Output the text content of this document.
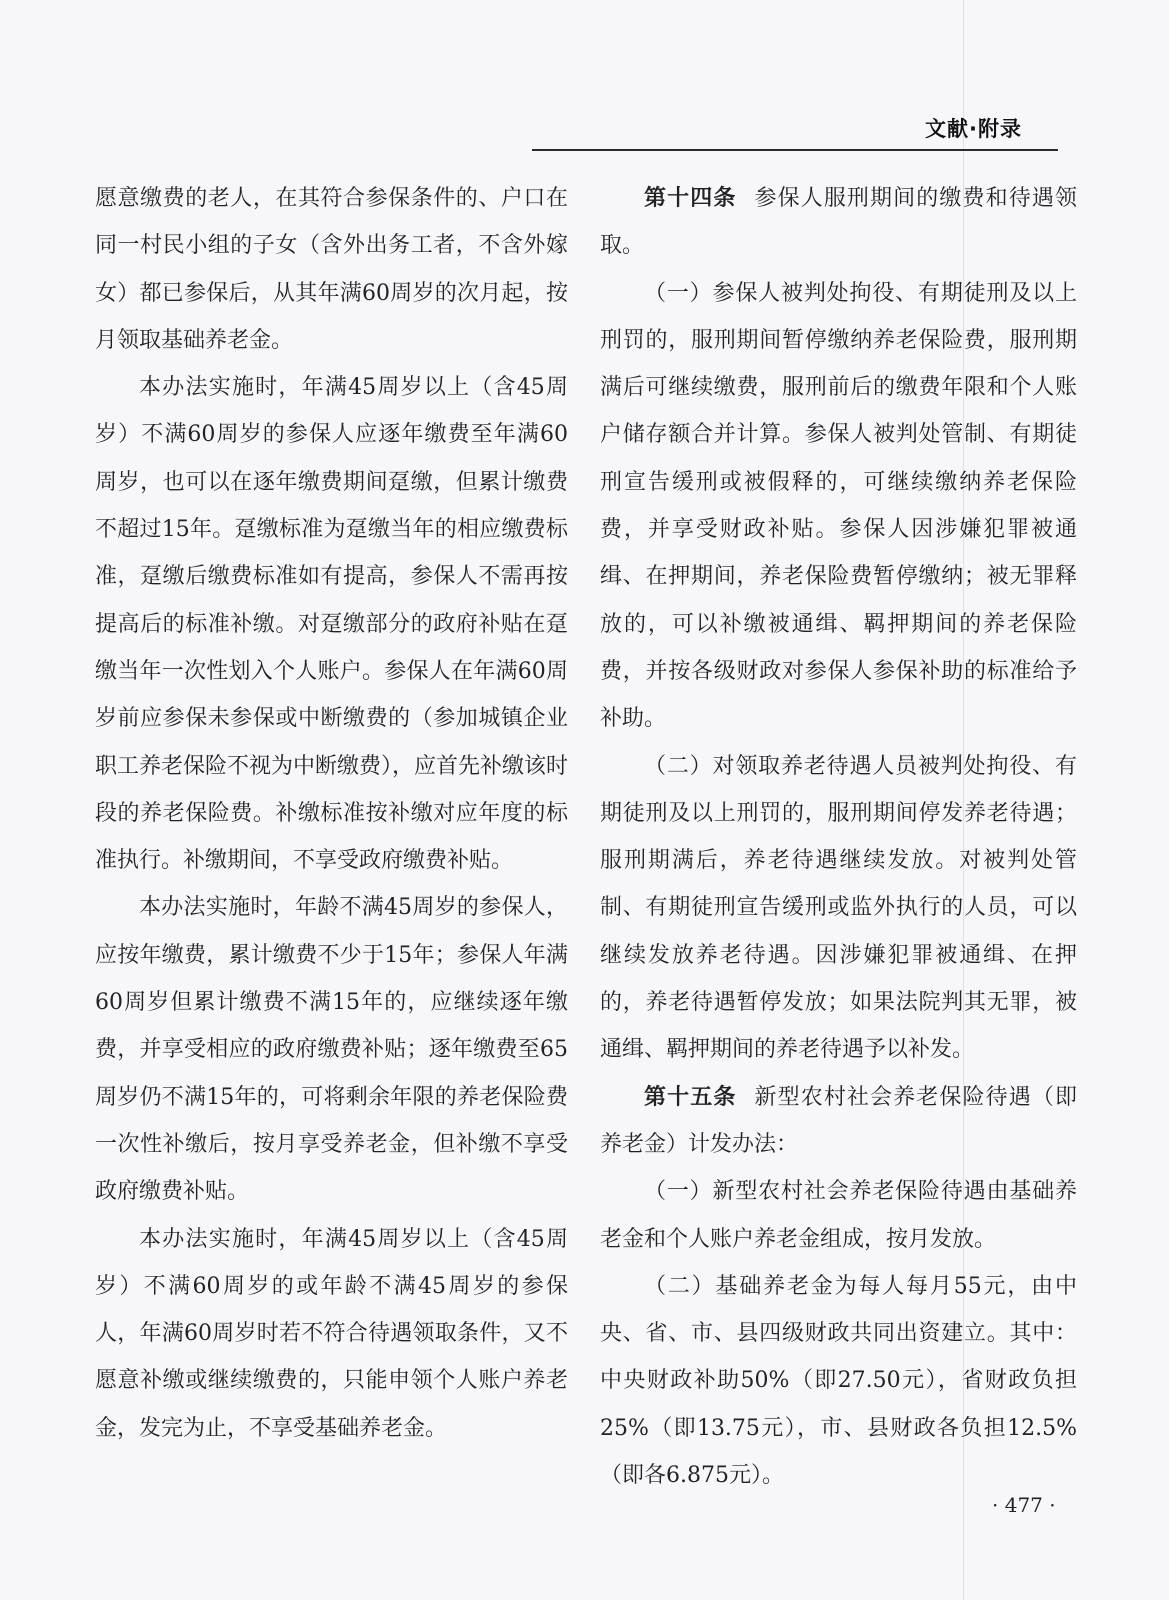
文献·附录

愿意缴费的老人，在其符合参保条件的、户口在同一村民小组的子女（含外出务工者，不含外嫁女）都已参保后，从其年满60周岁的次月起，按月领取基础养老金。

本办法实施时，年满45周岁以上（含45周岁）不满60周岁的参保人应逐年缴费至年满60周岁，也可以在逐年缴费期间趸缴，但累计缴费不超过15年。趸缴标准为趸缴当年的相应缴费标准，趸缴后缴费标准如有提高，参保人不需再按提高后的标准补缴。对趸缴部分的政府补贴在趸缴当年一次性划入个人账户。参保人在年满60周岁前应参保未参保或中断缴费的（参加城镇企业职工养老保险不视为中断缴费），应首先补缴该时段的养老保险费。补缴标准按补缴对应年度的标准执行。补缴期间，不享受政府缴费补贴。

本办法实施时，年龄不满45周岁的参保人，应按年缴费，累计缴费不少于15年；参保人年满60周岁但累计缴费不满15年的，应继续逐年缴费，并享受相应的政府缴费补贴；逐年缴费至65周岁仍不满15年的，可将剩余年限的养老保险费一次性补缴后，按月享受养老金，但补缴不享受政府缴费补贴。

本办法实施时，年满45周岁以上（含45周岁）不满60周岁的或年龄不满45周岁的参保人，年满60周岁时若不符合待遇领取条件，又不愿意补缴或继续缴费的，只能申领个人账户养老金，发完为止，不享受基础养老金。

第十四条 参保人服刑期间的缴费和待遇领取。

（一）参保人被判处拘役、有期徒刑及以上刑罚的，服刑期间暂停缴纳养老保险费，服刑期满后可继续缴费，服刑前后的缴费年限和个人账户储存额合并计算。参保人被判处管制、有期徒刑宣告缓刑或被假释的，可继续缴纳养老保险费，并享受财政补贴。参保人因涉嫌犯罪被通缉、在押期间，养老保险费暂停缴纳；被无罪释放的，可以补缴被通缉、羁押期间的养老保险费，并按各级财政对参保人参保补助的标准给予补助。

（二）对领取养老待遇人员被判处拘役、有期徒刑及以上刑罚的，服刑期间停发养老待遇；服刑期满后，养老待遇继续发放。对被判处管制、有期徒刑宣告缓刑或监外执行的人员，可以继续发放养老待遇。因涉嫌犯罪被通缉、在押的，养老待遇暂停发放；如果法院判其无罪，被通缉、羁押期间的养老待遇予以补发。

第十五条 新型农村社会养老保险待遇（即养老金）计发办法：

（一）新型农村社会养老保险待遇由基础养老金和个人账户养老金组成，按月发放。

（二）基础养老金为每人每月55元，由中央、省、市、县四级财政共同出资建立。其中：中央财政补助50%（即27.50元），省财政负担25%（即13.75元），市、县财政各负担12.5%（即各6.875元）。

· 477 ·
